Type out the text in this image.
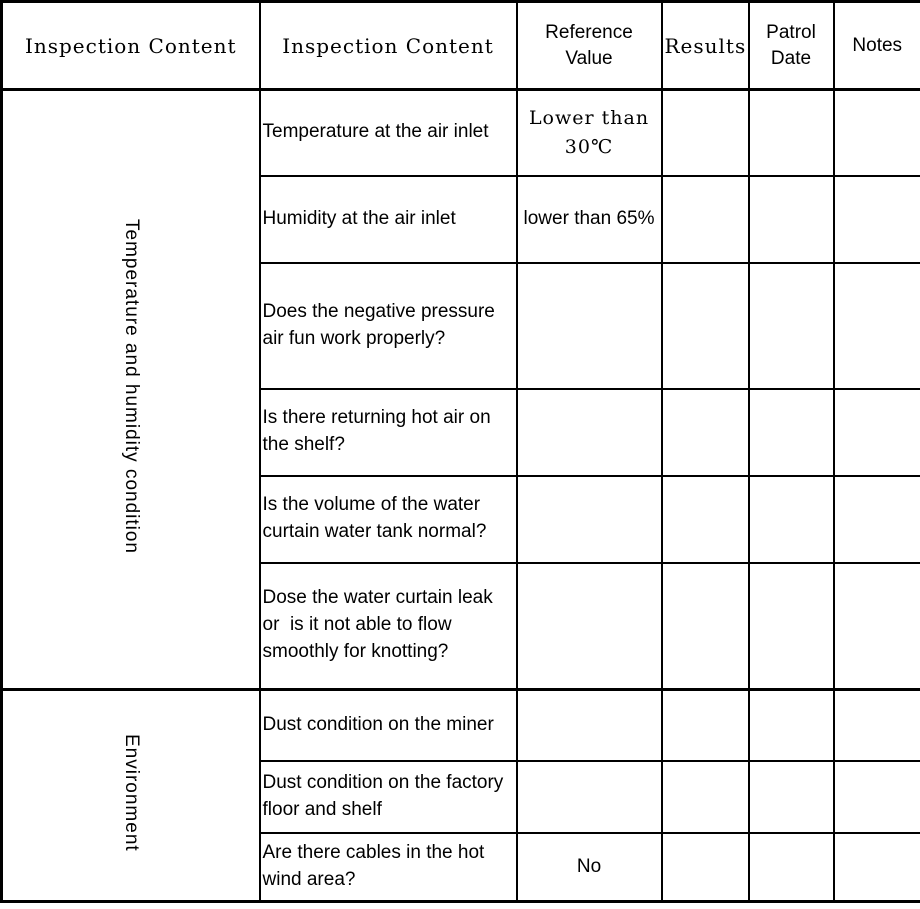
Inspection Content	Inspection Content	Reference Value	Results	Patrol Date	Notes
Temperature and humidity condition	Temperature at the air inlet	Lower than 30℃			
	Humidity at the air inlet	lower than 65%			
	Does the negative pressure air fun work properly?				
	Is there returning hot air on the shelf?				
	Is the volume of the water curtain water tank normal?				
	Dose the water curtain leak or  is it not able to flow smoothly for knotting?				
Environment	Dust condition on the miner				
	Dust condition on the factory floor and shelf				
	Are there cables in the hot wind area?	No			
